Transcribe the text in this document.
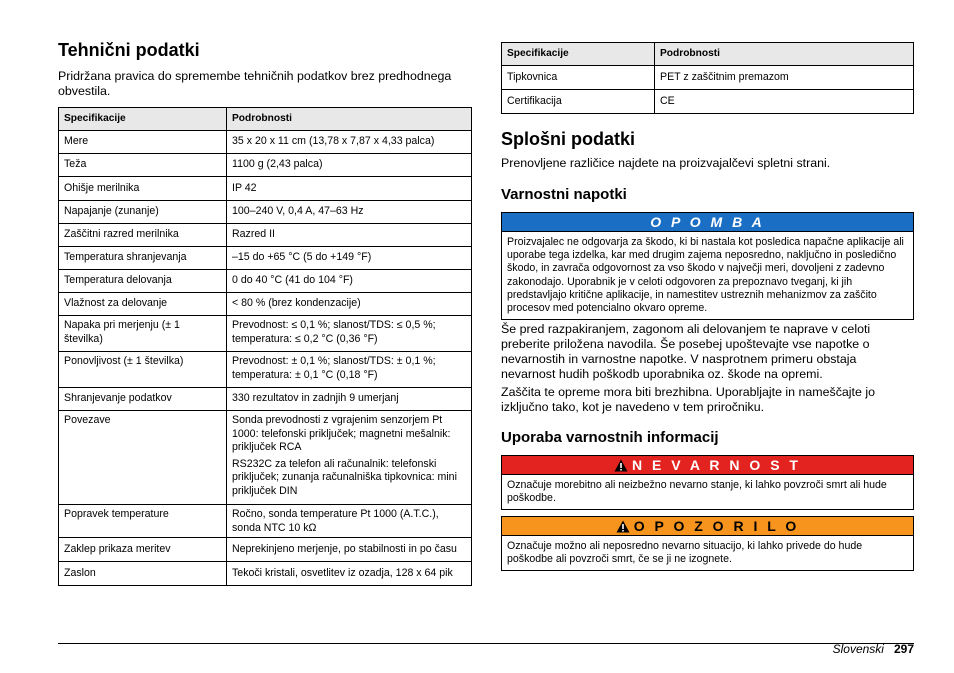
Tehnični podatki

Pridržana pravica do spremembe tehničnih podatkov brez predhodnega obvestila.

Specifikacije	Podrobnosti
Mere	35 x 20 x 11 cm (13,78 x 7,87 x 4,33 palca)
Teža	1100 g (2,43 palca)
Ohišje merilnika	IP 42
Napajanje (zunanje)	100–240 V, 0,4 A, 47–63 Hz
Zaščitni razred merilnika	Razred II
Temperatura shranjevanja	–15 do +65 °C (5 do +149 °F)
Temperatura delovanja	0 do 40 °C (41 do 104 °F)
Vlažnost za delovanje	< 80 % (brez kondenzacije)
Napaka pri merjenju (± 1 številka)	Prevodnost: ≤ 0,1 %; slanost/TDS: ≤ 0,5 %; temperatura: ≤ 0,2 °C (0,36 °F)
Ponovljivost (± 1 številka)	Prevodnost: ± 0,1 %; slanost/TDS: ± 0,1 %; temperatura: ± 0,1 °C (0,18 °F)
Shranjevanje podatkov	330 rezultatov in zadnjih 9 umerjanj
Povezave	Sonda prevodnosti z vgrajenim senzorjem Pt 1000: telefonski priključek; magnetni mešalnik: priključek RCA

RS232C za telefon ali računalnik: telefonski priključek; zunanja računalniška tipkovnica: mini priključek DIN

Popravek temperature	Ročno, sonda temperature Pt 1000 (A.T.C.), sonda NTC 10 kΩ
Zaklep prikaza meritev	Neprekinjeno merjenje, po stabilnosti in po času
Zaslon	Tekoči kristali, osvetlitev iz ozadja, 128 x 64 pik
Specifikacije	Podrobnosti
Tipkovnica	PET z zaščitnim premazom
Certifikacija	CE
Splošni podatki

Prenovljene različice najdete na proizvajalčevi spletni strani.

Varnostni napotki
O P O M B A
Proizvajalec ne odgovarja za škodo, ki bi nastala kot posledica napačne aplikacije ali uporabe tega izdelka, kar med drugim zajema neposredno, naključno in posledično škodo, in zavrača odgovornost za vso škodo v največji meri, dovoljeni z zadevno zakonodajo. Uporabnik je v celoti odgovoren za prepoznavo tveganj, ki jih predstavljajo kritične aplikacije, in namestitev ustreznih mehanizmov za zaščito procesov med potencialno okvaro opreme.

Še pred razpakiranjem, zagonom ali delovanjem te naprave v celoti preberite priložena navodila. Še posebej upoštevajte vse napotke o nevarnostih in varnostne napotke. V nasprotnem primeru obstaja nevarnost hudih poškodb uporabnika oz. škode na opremi.

Zaščita te opreme mora biti brezhibna. Uporabljajte in nameščajte jo izključno tako, kot je navedeno v tem priročniku.

Uporaba varnostnih informacij
N E V A R N O S T
Označuje morebitno ali neizbežno nevarno stanje, ki lahko povzroči smrt ali hude poškodbe.
O P O Z O R I L O
Označuje možno ali neposredno nevarno situacijo, ki lahko privede do hude poškodbe ali povzroči smrt, če se ji ne izognete.
Slovenski 297
